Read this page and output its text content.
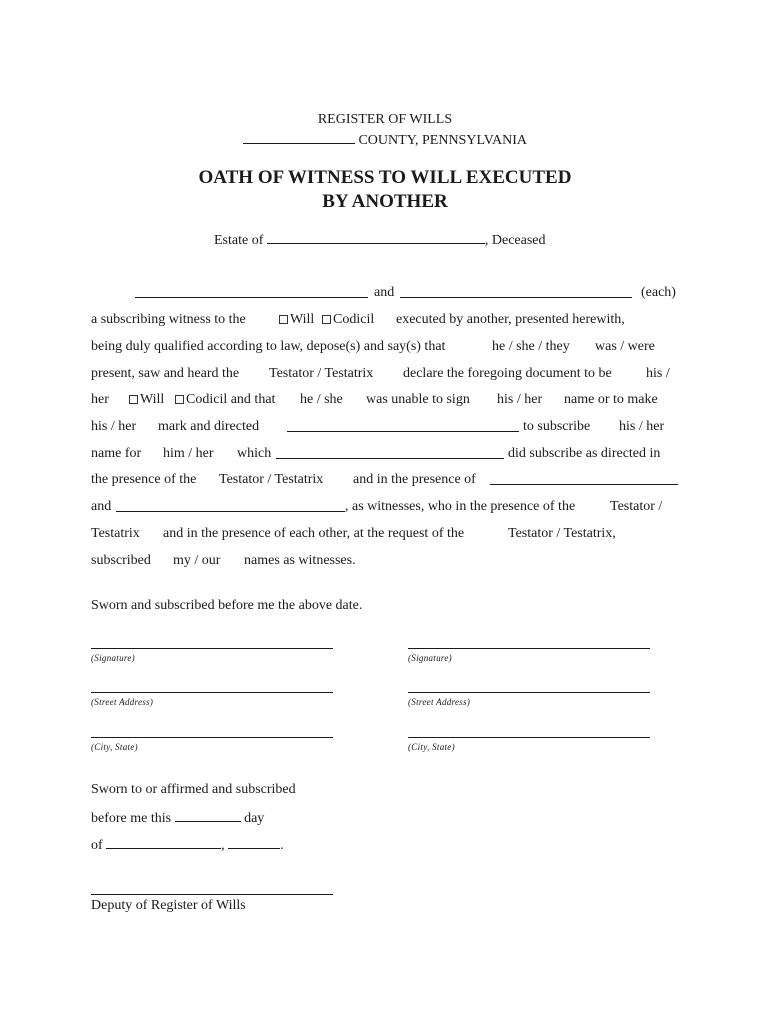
REGISTER OF WILLS
COUNTY, PENNSYLVANIA
OATH OF WITNESS TO WILL EXECUTED
BY ANOTHER
Estate of	, Deceased
and	(each)
a subscribing witness to the	Will	Codicil executed by another, presented herewith,
being duly qualified according to law, depose(s) and say(s) that	he / she / they was / were
present, saw and heard the Testator / Testatrix declare the foregoing document to be his /
her	Will	Codicil and that he / she was unable to sign his / her name or to make
his / her mark and directed	to subscribe his / her
name for him / her which	did subscribe as directed in
the presence of the Testator / Testatrix and in the presence of
and	, as witnesses, who in the presence of the Testator /
Testatrix and in the presence of each other, at the request of the	Testator / Testatrix,
subscribed my / our names as witnesses.
Sworn and subscribed before me the above date.
(Signature)
(Street Address)
(City, State)
(Signature)
(Street Address)
(City, State)
Sworn to or affirmed and subscribed
before me this	day
of	,	.
Deputy of Register of Wills
